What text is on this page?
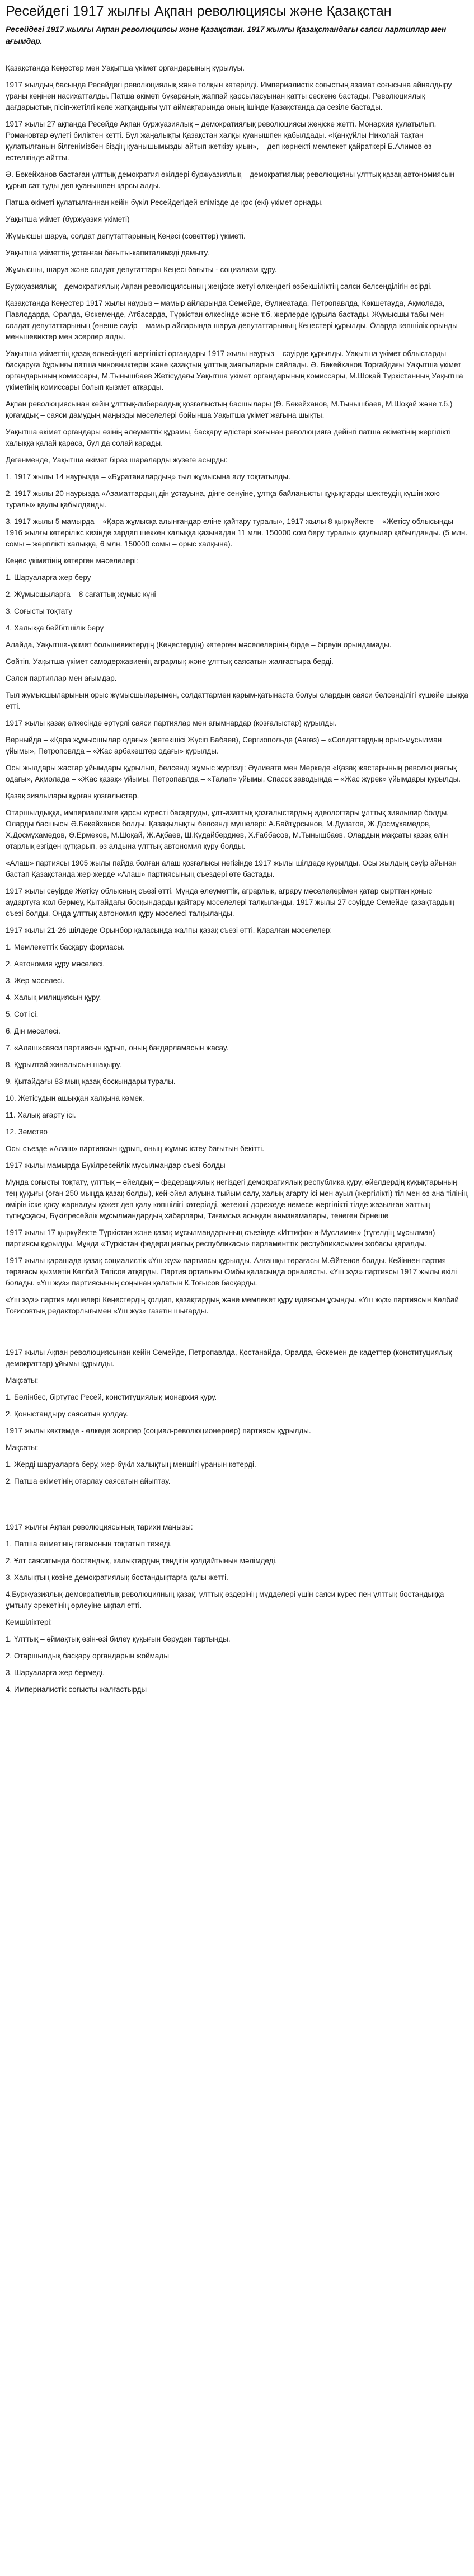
Ресейдегі 1917 жылғы Ақпан революциясы және Қазақстан
Ресейдегі 1917 жылғы Ақпан революциясы және Қазақстан. 1917 жылғы Қазақстандағы саяси партиялар мен ағымдар.

Қазақстанда Кеңестер мен Уақытша үкімет органдарының құрылуы.

1917 жылдың басында Ресейдегі революциялық және толқын көтерілді. Империалистік соғыстың азамат соғысына айналдыру ұраны кеңінен насихатталды. Патша өкіметі бұқараның жаппай қарсыласуынан қатты сескене бастады. Революциялық дағдарыстың пісіп-жетілгі келе жатқандығы ұлт аймақтарында оның ішінде Қазақстанда да сезіле бастады.

1917 жылы 27 ақпанда Ресейде Ақпан буржуазиялық – демократиялық революциясы жеңіске жетті. Монархия құлатылып, Романовтар әулеті биліктен кетті. Бұл жаңалықты Қазақстан халқы қуанышпен қабылдады. «Қанқұйлы Николай тақтан құлатылғанын білгенімізбен біздің қуанышымызды айтып жеткізу қиын», – деп көрнекті мемлекет қайраткері Б.Алимов өз естелігінде айтты.

Ә. Бөкейханов бастаған ұлттық демократия өкілдері буржуазиялық – демократиялық революцияны ұлттық қазақ автономиясын құрып сат туды деп қуанышпен қарсы алды.

Патша өкіметі құлатылғаннан кейін бүкіл Ресейдегідей елімізде де қос (екі) үкімет орнады.

Уақытша үкімет (буржуазия үкіметі)

Жұмысшы шаруа, солдат депутаттарының Кеңесі (советтер) үкіметі.

Уақытша үкіметтің ұстанған бағыты-капиталимзді дамыту.

Жұмысшы, шаруа және солдат депутаттары Кеңесі бағыты - социализм құру.

Буржуазиялық – демократиялық Ақпан революциясының жеңіске жетуі өлкендегі өзбекшіліктің саяси белсенділігін өсірді.

Қазақстанда Кеңестер 1917 жылы наурыз – мамыр айларында Семейде, Әулиеатада, Петропавлда, Көкшетауда, Ақмолада, Павлодарда, Оралда, Өскеменде, Атбасарда, Түркістан өлкесінде және т.б. жерлерде құрыла бастады. Жұмысшы табы мен солдат депутаттарының (өнеше сауір – мамыр айларында шаруа депутаттарының Кеңестері құрылды. Оларда көпшілік орынды меньшевиктер мен эсерлер алды.

Уақытша үкіметтің қазақ өлкесіндегі жергілікті органдары 1917 жылы наурыз – сәуірде құрылды. Уақытша үкімет облыстарды басқаруға бұрынғы патша чиновниктерін және қазақтың ұлттық зиялыларын сайлады. Ә. Бөкейханов Торғайдағы Уақытша үкімет органдарының комиссары, М.Тынышбаев Жетісудағы Уақытша үкімет органдарының комиссары, М.Шоқай Түркістанның Уақытша үкіметінің комиссары болып қызмет атқарды.

Ақпан революциясынан кейін ұлттық-либералдық қозғалыстың басшылары (Ә. Бөкейханов, М.Тынышбаев, М.Шоқай және т.б.) қоғамдық – саяси дамудың маңызды мәселелері бойынша Уақытша үкімет жағына шықты.

Уақытша өкімет органдары өзінің әлеуметтік құрамы, басқару әдістері жағынан революцияға дейінгі патша өкіметінің жергілікті халыққа қалай қараса, бұл да солай қарады.

Дегенмендe, Уақытша өкімет біраз шараларды жүзеге асырды:

1. 1917 жылы 14 наурызда – «Бұратаналардың» тыл жұмысына алу тоқтатылды.

2. 1917 жылы 20 наурызда «Азаматтардың дін ұстауына, дінге сенуіне, ұлтқа байланысты құқықтарды шектеудің күшін жою туралы» қаулы қабылданды.

3. 1917 жылы 5 мамырда – «Қарa жұмысқа алынғандар еліне қайтару туралы», 1917 жылы 8 қыркүйекте – «Жетісу облысынды 1916 жылғы көтерілікс кезінде зардап шеккен халыққа қазынадан 11 млн. 150000 сом беру туралы» қаулылар қабылданды. (5 млн. сомы – жергілікті халыққа, 6 млн. 150000 сомы – орыс халқына).

Кеңес үкіметінің көтерген мәселелері:

1. Шаруаларға жер беру

2. Жұмысшыларға – 8 сағаттық жұмыс күні

3. Соғысты тоқтату

4. Халыққа бейбітшілік беру

Алайда, Уақытша-үкімет большевиктердің (Кеңестердің) көтерген мәселелерінің бірде – біреуін орындамады.

Сөйтіп, Уақытша үкімет самодержавиенің аграрлық және ұлттық саясатын жалғастыра берді.

Саяси партиялар мен ағымдар.

Тыл жұмысшыларының орыс жұмысшыларымен, солдаттармен қарым-қатынаста болуы олардың саяси белсенділігі күшейе шыққа етті.

1917 жылы қазақ өлкесінде әртүрлі саяси партиялар мен ағымнардар (қозғалыстар) құрылды.

Верныйда – «Қара жұмысшылар одағы» (жетекшісі Жүсіп Бабаев), Сергиопольде (Аягөз) – «Солдаттардың орыс-мұсылман ұйымы», Петроповлда – «Жас арбакештер одағы» құрылды.

Осы жылдары жастар ұйымдары құрылып, белсенді жұмыс жүргізді: Әулиеата мен Меркеде «Қазақ жастарының революциялық одағы», Ақмолада – «Жас қазақ» ұйымы, Петропавлда – «Талап» ұйымы, Спасск заводында – «Жас жүрек» ұйымдары құрылды.

Қазақ зиялылары құрған қозғалыстар.

Отаршылдыққа, империализмге қарсы күресті басқаруды, ұлт-азаттық қозғалыстардың идеологтары ұлттық зиялылар болды. Оларды басшысы Ә.Бөкейханов болды. Қазақылықты белсенді мүшелері: А.Байтұрсынов, М.Дулатов, Ж.Досмұхамедов, Х.Досмұхамедов, Ә.Ермеков, М.Шоқай, Ж.Ақбаев, Ш.Құдайбердиев, Х.Ғаббасов, М.Тынышбаев. Олардың мақсаты қазақ елін отарлық езгіден құтқарып, өз алдына ұлттық автономия құру болды.

«Алаш» партиясы 1905 жылы пайда болған алаш қозғалысы негізінде 1917 жылы шілдеде құрылды. Осы жылдың сәуір айынан бастап Қазақстанда жер-жерде «Алаш» партиясының съездері өте бастады.

1917 жылы сәуірде Жетісу облысның съезі өтті. Мұнда әлеуметтік, аграрлық, аграру мәселелерімен қатар сырттан қоныс аудартуға жол бермеу, Қытайдағы босқындарды қайтару мәселелері талқыланды. 1917 жылы 27 сәуірде Семейде қазақтардың съезі болды. Онда ұлттық автономия құру мәселесі талқыланды.

1917 жылы 21-26 шілдеде Орынбор қаласында жалпы қазақ съезі өтті. Қаралған мәселелер:

1. Мемлекеттік басқару формасы.

2. Автономия құру мәселесі.

3. Жер мәселесі.

4. Халық милициясын құру.

5. Сот ісі.

6. Дін мәселесі.

7. «Алаш»саяси партиясын құрып, оның бағдарламасын жасау.

8. Құрылтай жиналысын шақыру.

9. Қытайдағы 83 мың қазақ босқындары туралы.

10. Жетісудың ашыққан халқына көмек.

11. Халық ағарту ісі.

12. Земство

Осы съезде «Алаш» партиясын құрып, оның жұмыс істеу бағытын бекітті.

1917 жылы мамырда Бүкілресейлік мұсылмандар съезі болды

Мұнда соғысты тоқтату, ұлттық – әйелдық – федерациялық негіздегі демократиялық республика құру, әйелдердің құқықтарының тең құқығы (оған 250 мыңда қазақ болды), кей-әйел алуына тыйым салу, халық ағарту ісі мен ауыл (жергілікті) тіл мен өз ана тілінің өмірін іске қосу жарналуы қажет деп қалу көпшілігі көтерілді, жетекші дәрежеде немесе жергілікті тілде жазылған хаттың түпнұсқасы, Бүкілресейлік мұсылмандардың хабарлары, Тағамсыз асыққан аңызнамалары, тенеген бірнеше

1917 жылы 17 қыркүйекте Түркістан және қазақ мұсылмандарының съезінде «Иттифок-и-Муслимин» (түгелдің мұсылман) партиясы құрылды. Мұнда «Түркістан федерациялық республикасы» парламенттік республикасымен жобасы қаралды.

1917 жылы қарашада қазақ социалистік «Үш жүз» партиясы құрылды. Алғашқы төрағасы М.Әйтенов болды. Кейіннен партия төрағасы қызметін Көлбай Төгісов атқарды. Партия орталығы Омбы қаласында орналасты. «Үш жүз» партиясы 1917 жылы өкілі болады. «Үш жүз» партиясының соңынан қалатын К.Тоғысов басқарды.

«Үш жүз» партия мүшелері Кеңестердің қолдап, қазақтардың және мемлекет құру идеясын ұсынды. «Үш жүз» партиясын Көлбай Тоғисовтың редакторлығымен «Үш жүз» газетін шығарды.

1917 жылы Ақпан революциясынан кейін Семейде, Петропавлда, Қостанайда, Оралда, Өскемен де кадеттер (конституциялық демократтар) ұйымы құрылды.

Мақсаты:

1. Бөлінбес, біртұтас Ресей, конституциялық монархия құру.

2. Қоныстандыру саясатын қолдау.

1917 жылы көктемде - өлкеде эсерлер (социал-революционерлер) партиясы құрылды.

Мақсаты:

1. Жерді шаруаларға беру, жер-бүкіл халықтың меншігі ұранын көтерді.

2. Патша өкіметінің отарлау саясатын айыптау.

1917 жылғы Ақпан революциясының тарихи маңызы:

1. Патша өкіметінің гегемонын тоқтатып тежеді.

2. Ұлт саясатында бостандық, халықтардың теңдігін қолдайтынын мәлімдеді.

3. Халықтың көзіне демократиялық бостандықтарға қолы жетті.

4.Буржуазиялық-демократиялық революцияның қазақ, ұлттық өздерінің мүдделері үшін саяси күрес пен ұлттық бостандыққа ұмтылу әрекетінің өрлеуіне ықпал етті.

Кемшіліктері:

1. Ұлттық – әймақтық өзін-өзі билеу құқығын беруден тартынды.

2. Отаршылдық басқару органдарын жоймады

3. Шаруаларға жер бермеді.

4. Империалистік соғысты жалғастырды
